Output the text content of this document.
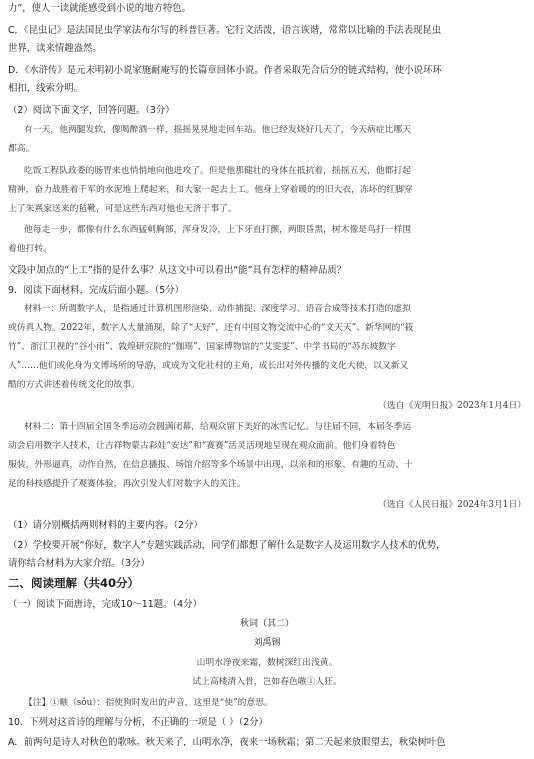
力”，使人一读就能感受到小说的地方特色。
C．《昆虫记》是法国昆虫学家法布尔写的科普巨著。它行文活泼，语言诙谐，常常以比喻的手法表现昆虫
世界，读来情趣盎然。
D．《水浒传》是元末明初小说家施耐庵写的长篇章回体小说。作者采取先合后分的链式结构，使小说环环
相扣，线索分明。
（2）阅读下面文字，回答问题。（3分）
有一天，他两腿发软，像喝醉酒一样，摇摇晃晃地走回车站。他已经发烧好几天了，今天病症比哪天
都高。
吃饭工程队政委的肠胃来也悄悄地向他进攻了。但是他那健壮的身体在抵抗着，摇摇五天，他都打起
精神，奋力战胜着千军的水泥地上爬起来，和大家一起去上工。他身上穿着暖的的旧大衣，冻坏的红脚穿
上了朱熹家送来的毡靴，可是这些东西对他也无济于事了。
他每走一步，都像有什么东西猛刺胸部，浑身发冷，上下牙直打颤，两眼昏黑，树木像是鸟打一样围
着他打转。
文段中加点的“上工”指的是什么事？从这文中可以看出“能”具有怎样的精神品质？
9．阅读下面材料，完成后面小题。（5分）
材料一：所谓数字人，是指通过计算机图形渲染、动作捕捉、深度学习、语音合成等技术打造的虚拟
或仿真人物。2022年，数字人大量涌现，除了“天好”，还有中国文物交流中心的“文天天”、新华网的“筱
竹”、浙江卫视的“谷小雨”、敦煌研究院的“伽瑶”、国家博物馆的“艾雯雯”、中学书局的“苏东坡数字
人”……他们或化身为文博场所的导游，或成为文化社村的主角，成长出对外传播的文化大使，以又新又
酷的方式讲述着传统文化的故事。
（选自《光明日报》2023年1月4日）
材料二：第十四届全国冬季运动会圆满闭幕，给观众留下美好的冰雪记忆。与往届不同，本届冬季运
动会启用数字人技术，让吉祥物蒙古彩娃“安达”和“赛赛”活灵活现地呈现在观众面前。他们身着特色
服装，外形逼真，动作自然，在信息播报、场馆介绍等多个场景中出现，以亲和的形象、有趣的互动、十
足的科技感提升了观赛体验，再次引发人们对数字人的关注。
（选自《人民日报》2024年3月1日）
（1）请分别概括两则材料的主要内容。（2分）
（2）学校要开展“你好，数字人”专题实践活动，同学们都想了解什么是数字人及运用数字人技术的优势，
请你结合材料为大家介绍。（3分）
二、阅读理解（共40分）
（一）阅读下面唐诗，完成10～11题。（4分）
秋词（其二）
刘禹锡
山明水净夜来霜，数树深红出浅黄。
试上高楼清入骨，岂如春色嗾①人狂。
【注】①嗾（sǒu）：指使狗时发出的声音，这里是“使”的意思。
10．下列对这首诗的理解与分析，不正确的一项是（ ）（2分）
A．前两句是诗人对秋色的歌咏。秋天来了，山明水净，夜来一场秋霜；第二天起来放眼望去，秋染树叶色
